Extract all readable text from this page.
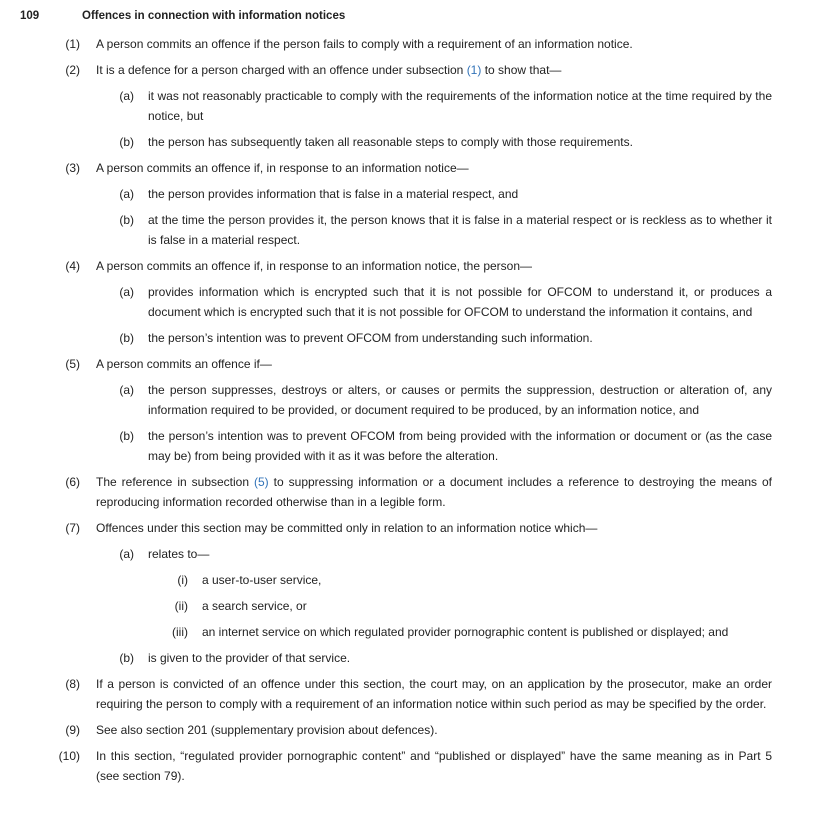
109	Offences in connection with information notices
(1) A person commits an offence if the person fails to comply with a requirement of an information notice.
(2) It is a defence for a person charged with an offence under subsection (1) to show that—
(a) it was not reasonably practicable to comply with the requirements of the information notice at the time required by the notice, but
(b) the person has subsequently taken all reasonable steps to comply with those requirements.
(3) A person commits an offence if, in response to an information notice—
(a) the person provides information that is false in a material respect, and
(b) at the time the person provides it, the person knows that it is false in a material respect or is reckless as to whether it is false in a material respect.
(4) A person commits an offence if, in response to an information notice, the person—
(a) provides information which is encrypted such that it is not possible for OFCOM to understand it, or produces a document which is encrypted such that it is not possible for OFCOM to understand the information it contains, and
(b) the person’s intention was to prevent OFCOM from understanding such information.
(5) A person commits an offence if—
(a) the person suppresses, destroys or alters, or causes or permits the suppression, destruction or alteration of, any information required to be provided, or document required to be produced, by an information notice, and
(b) the person’s intention was to prevent OFCOM from being provided with the information or document or (as the case may be) from being provided with it as it was before the alteration.
(6) The reference in subsection (5) to suppressing information or a document includes a reference to destroying the means of reproducing information recorded otherwise than in a legible form.
(7) Offences under this section may be committed only in relation to an information notice which—
(a) relates to—
(i) a user-to-user service,
(ii) a search service, or
(iii) an internet service on which regulated provider pornographic content is published or displayed; and
(b) is given to the provider of that service.
(8) If a person is convicted of an offence under this section, the court may, on an application by the prosecutor, make an order requiring the person to comply with a requirement of an information notice within such period as may be specified by the order.
(9) See also section 201 (supplementary provision about defences).
(10) In this section, “regulated provider pornographic content” and “published or displayed” have the same meaning as in Part 5 (see section 79).
